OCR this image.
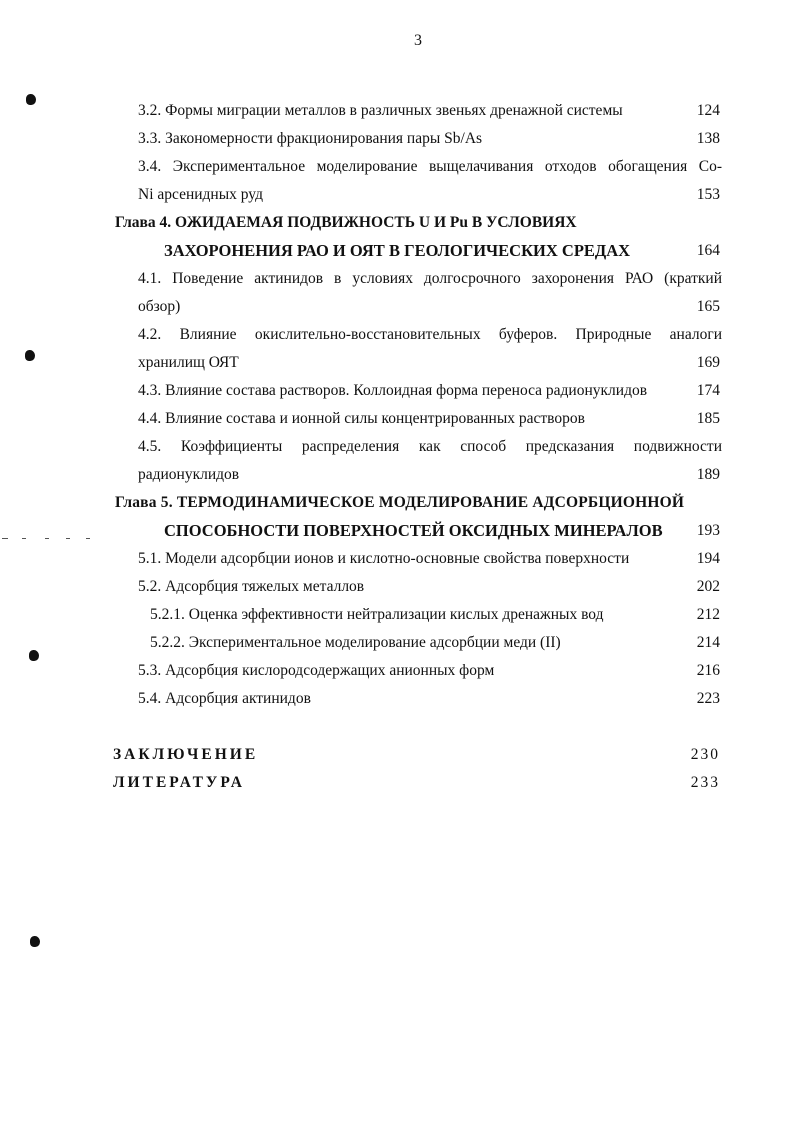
3
3.2. Формы миграции металлов в различных звеньях дренажной системы	124
3.3. Закономерности фракционирования пары Sb/As	138
3.4. Экспериментальное моделирование выщелачивания отходов обогащения Co-
Ni арсенидных руд	153
Глава 4. ОЖИДАЕМАЯ ПОДВИЖНОСТЬ U И Pu В УСЛОВИЯХ
ЗАХОРОНЕНИЯ РАО И ОЯТ В ГЕОЛОГИЧЕСКИХ СРЕДАХ	164
4.1. Поведение актинидов в условиях долгосрочного захоронения РАО (краткий
обзор)	165
4.2. Влияние окислительно-восстановительных буферов. Природные аналоги
хранилищ ОЯТ	169
4.3. Влияние состава растворов. Коллоидная форма переноса радионуклидов	174
4.4. Влияние состава и ионной силы концентрированных растворов	185
4.5. Коэффициенты распределения как способ предсказания подвижности
радионуклидов	189
Глава 5. ТЕРМОДИНАМИЧЕСКОЕ МОДЕЛИРОВАНИЕ АДСОРБЦИОННОЙ
СПОСОБНОСТИ ПОВЕРХНОСТЕЙ ОКСИДНЫХ МИНЕРАЛОВ	193
5.1. Модели адсорбции ионов и кислотно-основные свойства поверхности	194
5.2. Адсорбция тяжелых металлов	202
5.2.1. Оценка эффективности нейтрализации кислых дренажных вод	212
5.2.2. Экспериментальное моделирование адсорбции меди (II)	214
5.3. Адсорбция кислородсодержащих анионных форм	216
5.4. Адсорбция актинидов	223
ЗАКЛЮЧЕНИЕ	230
ЛИТЕРАТУРА	233
